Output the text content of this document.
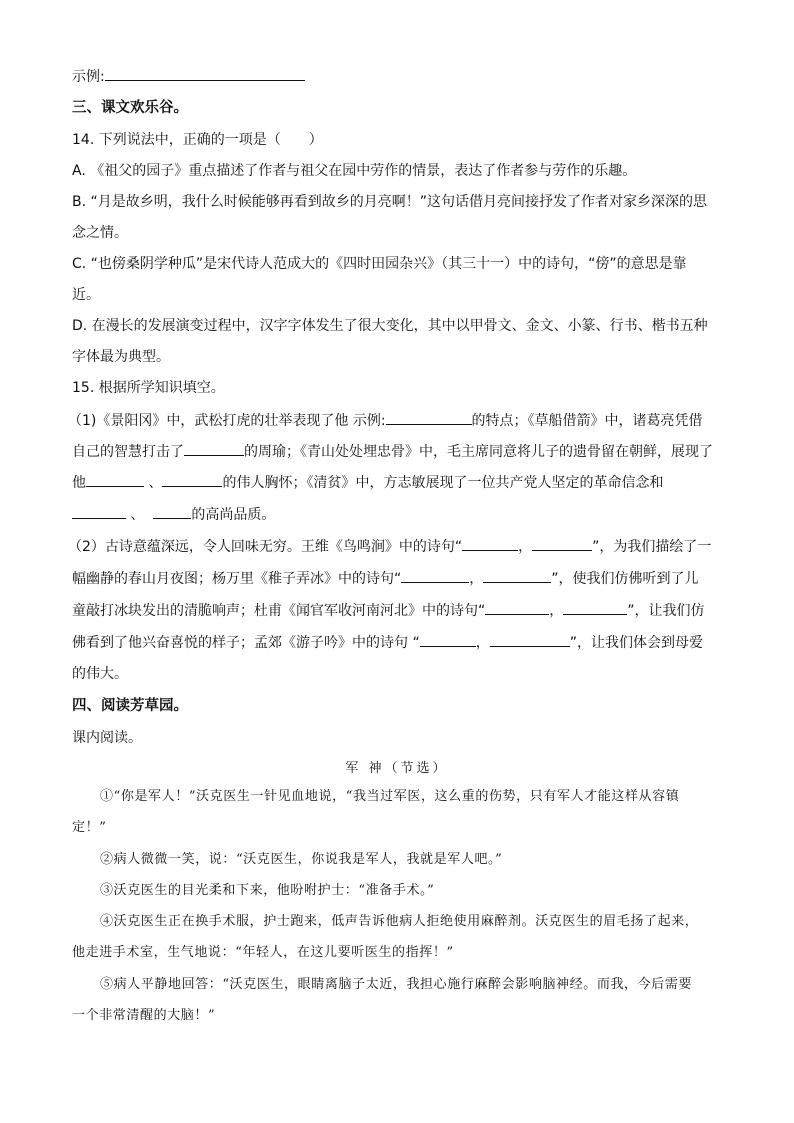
示例:
三、课文欢乐谷。
14. 下列说法中，正确的一项是（　　）
A. 《祖父的园子》重点描述了作者与祖父在园中劳作的情景，表达了作者参与劳作的乐趣。
B. “月是故乡明，我什么时候能够再看到故乡的月亮啊！”这句话借月亮间接抒发了作者对家乡深深的思
念之情。
C. “也傍桑阴学种瓜”是宋代诗人范成大的《四时田园杂兴》（其三十一）中的诗句，“傍”的意思是靠
近。
D. 在漫长的发展演变过程中，汉字字体发生了很大变化，其中以甲骨文、金文、小篆、行书、楷书五种
字体最为典型。
15. 根据所学知识填空。
（1)《景阳冈》中，武松打虎的壮举表现了他 示例:	的特点；《草船借箭》中，诸葛亮凭借
自己的智慧打击了	的周瑜；《青山处处埋忠骨》中，毛主席同意将儿子的遗骨留在朝鲜，展现了
他	、	的伟人胸怀；《清贫》中，方志敏展现了一位共产党人坚定的革命信念和
、	的高尚品质。
（2）古诗意蕴深远，令人回味无穷。王维《鸟鸣涧》中的诗句“	，	”，为我们描绘了一
幅幽静的春山月夜图；杨万里《稚子弄冰》中的诗句“	，	”，使我们仿佛听到了儿
童敲打冰块发出的清脆响声；杜甫《闻官军收河南河北》中的诗句“	，	”，让我们仿
佛看到了他兴奋喜悦的样子；孟郊《游子吟》中的诗句 “	，	”，让我们体会到母爱
的伟大。
四、阅读芳草园。
课内阅读。
军 神（节选）
①“你是军人！”沃克医生一针见血地说，“我当过军医，这么重的伤势，只有军人才能这样从容镇
定！”
②病人微微一笑，说：“沃克医生，你说我是军人，我就是军人吧。”
③沃克医生的目光柔和下来，他吩咐护士：“准备手术。”
④沃克医生正在换手术服，护士跑来，低声告诉他病人拒绝使用麻醉剂。沃克医生的眉毛扬了起来，
他走进手术室，生气地说：“年轻人，在这儿要听医生的指挥！”
⑤病人平静地回答：“沃克医生，眼睛离脑子太近，我担心施行麻醉会影响脑神经。而我，今后需要
一个非常清醒的大脑！”
